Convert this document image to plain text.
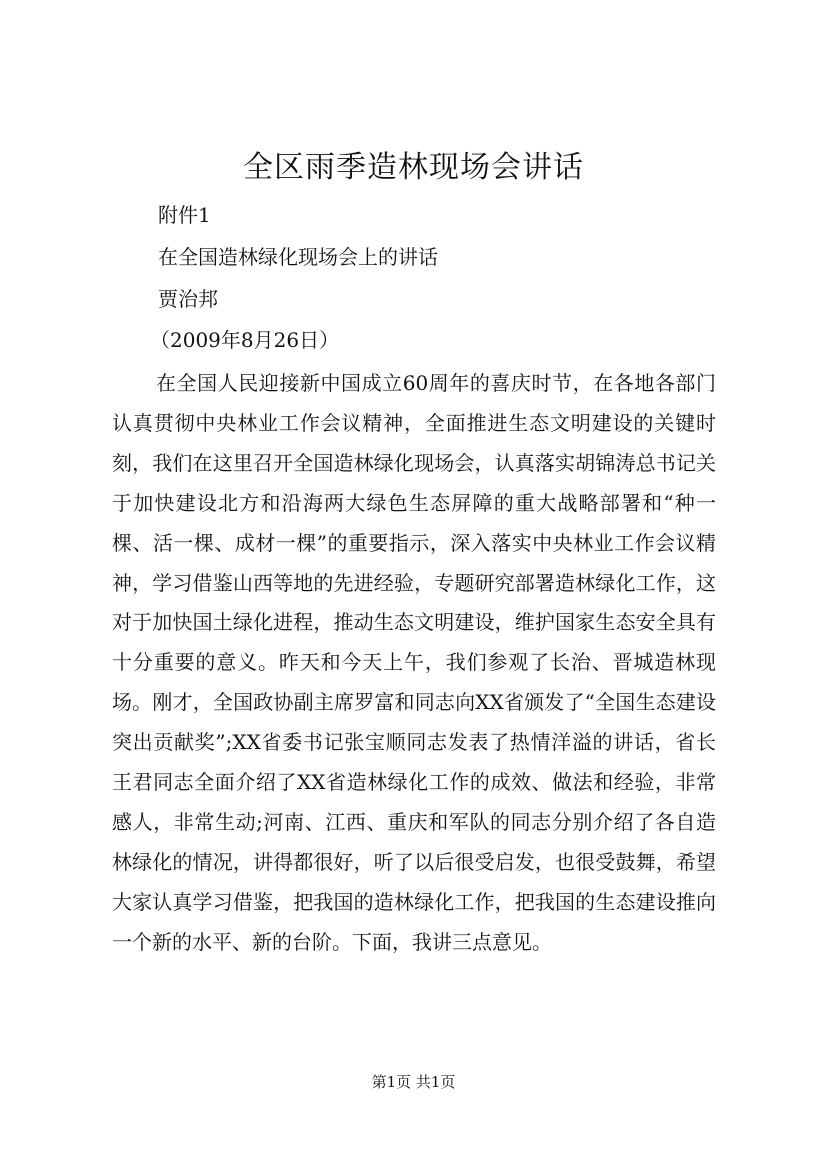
全区雨季造林现场会讲话
附件1
在全国造林绿化现场会上的讲话
贾治邦
（2009年8月26日）

在全国人民迎接新中国成立60周年的喜庆时节，在各地各部门认真贯彻中央林业工作会议精神，全面推进生态文明建设的关键时刻，我们在这里召开全国造林绿化现场会，认真落实胡锦涛总书记关于加快建设北方和沿海两大绿色生态屏障的重大战略部署和“种一棵、活一棵、成材一棵”的重要指示，深入落实中央林业工作会议精神，学习借鉴山西等地的先进经验，专题研究部署造林绿化工作，这对于加快国土绿化进程，推动生态文明建设，维护国家生态安全具有十分重要的意义。昨天和今天上午，我们参观了长治、晋城造林现场。刚才，全国政协副主席罗富和同志向XX省颁发了“全国生态建设突出贡献奖”;XX省委书记张宝顺同志发表了热情洋溢的讲话，省长王君同志全面介绍了XX省造林绿化工作的成效、做法和经验，非常感人，非常生动;河南、江西、重庆和军队的同志分别介绍了各自造林绿化的情况，讲得都很好，听了以后很受启发，也很受鼓舞，希望大家认真学习借鉴，把我国的造林绿化工作，把我国的生态建设推向一个新的水平、新的台阶。下面，我讲三点意见。

第1页 共1页
